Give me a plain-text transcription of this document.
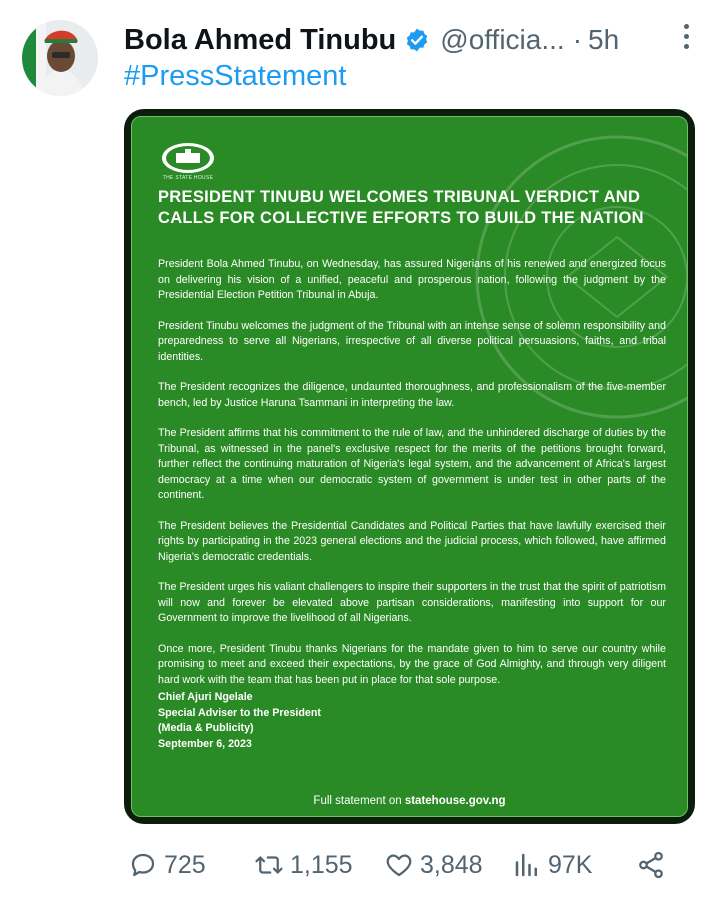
Bola Ahmed Tinubu @officia... · 5h
#PressStatement
THE STATE HOUSE
PRESIDENT TINUBU WELCOMES TRIBUNAL VERDICT AND CALLS FOR COLLECTIVE EFFORTS TO BUILD THE NATION

President Bola Ahmed Tinubu, on Wednesday, has assured Nigerians of his renewed and energized focus on delivering his vision of a unified, peaceful and prosperous nation, following the judgment by the Presidential Election Petition Tribunal in Abuja.

President Tinubu welcomes the judgment of the Tribunal with an intense sense of solemn responsibility and preparedness to serve all Nigerians, irrespective of all diverse political persuasions, faiths, and tribal identities.

The President recognizes the diligence, undaunted thoroughness, and professionalism of the five-member bench, led by Justice Haruna Tsammani in interpreting the law.

The President affirms that his commitment to the rule of law, and the unhindered discharge of duties by the Tribunal, as witnessed in the panel's exclusive respect for the merits of the petitions brought forward, further reflect the continuing maturation of Nigeria's legal system, and the advancement of Africa's largest democracy at a time when our democratic system of government is under test in other parts of the continent.

The President believes the Presidential Candidates and Political Parties that have lawfully exercised their rights by participating in the 2023 general elections and the judicial process, which followed, have affirmed Nigeria's democratic credentials.

The President urges his valiant challengers to inspire their supporters in the trust that the spirit of patriotism will now and forever be elevated above partisan considerations, manifesting into support for our Government to improve the livelihood of all Nigerians.

Once more, President Tinubu thanks Nigerians for the mandate given to him to serve our country while promising to meet and exceed their expectations, by the grace of God Almighty, and through very diligent hard work with the team that has been put in place for that sole purpose.

Chief Ajuri Ngelale
Special Adviser to the President
(Media & Publicity)
September 6, 2023
Full statement on statehouse.gov.ng
725	1,155	3,848	97K
